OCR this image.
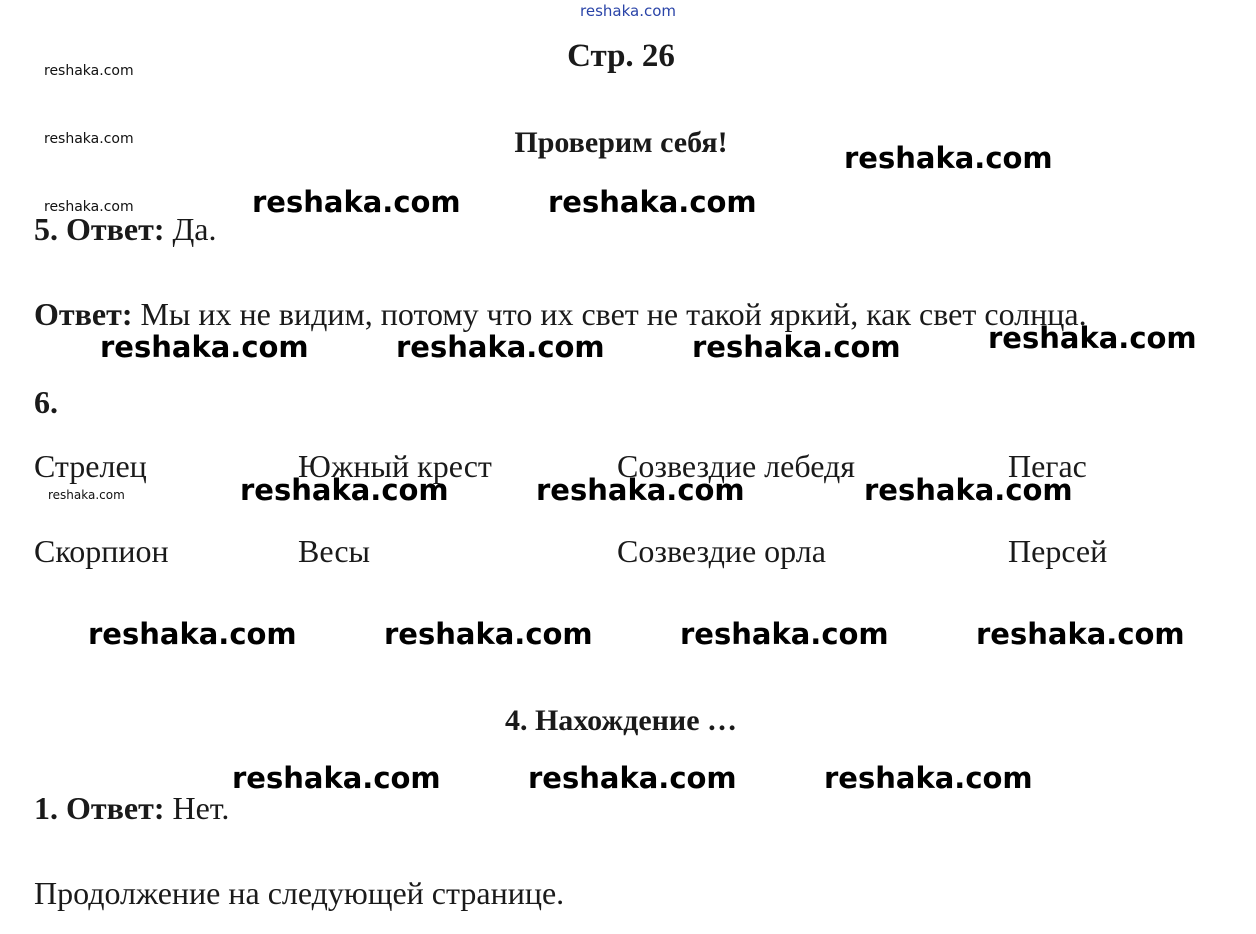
reshaka.com
reshaka.com
reshaka.com
reshaka.com
reshaka.com
reshaka.com
reshaka.com	reshaka.com
reshaka.com	reshaka.com	reshaka.com	reshaka.com
reshaka.com	reshaka.com	reshaka.com
reshaka.com	reshaka.com	reshaka.com	reshaka.com
reshaka.com	reshaka.com	reshaka.com
Стр. 26
Проверим себя!
5. Ответ: Да.
Ответ: Мы их не видим, потому что их свет не такой яркий, как свет солнца.
6.
Стрелец	Южный крест	Созвездие лебедя	Пегас
Скорпион	Весы	Созвездие орла	Персей
4. Нахождение …
1. Ответ: Нет.
Продолжение на следующей странице.
